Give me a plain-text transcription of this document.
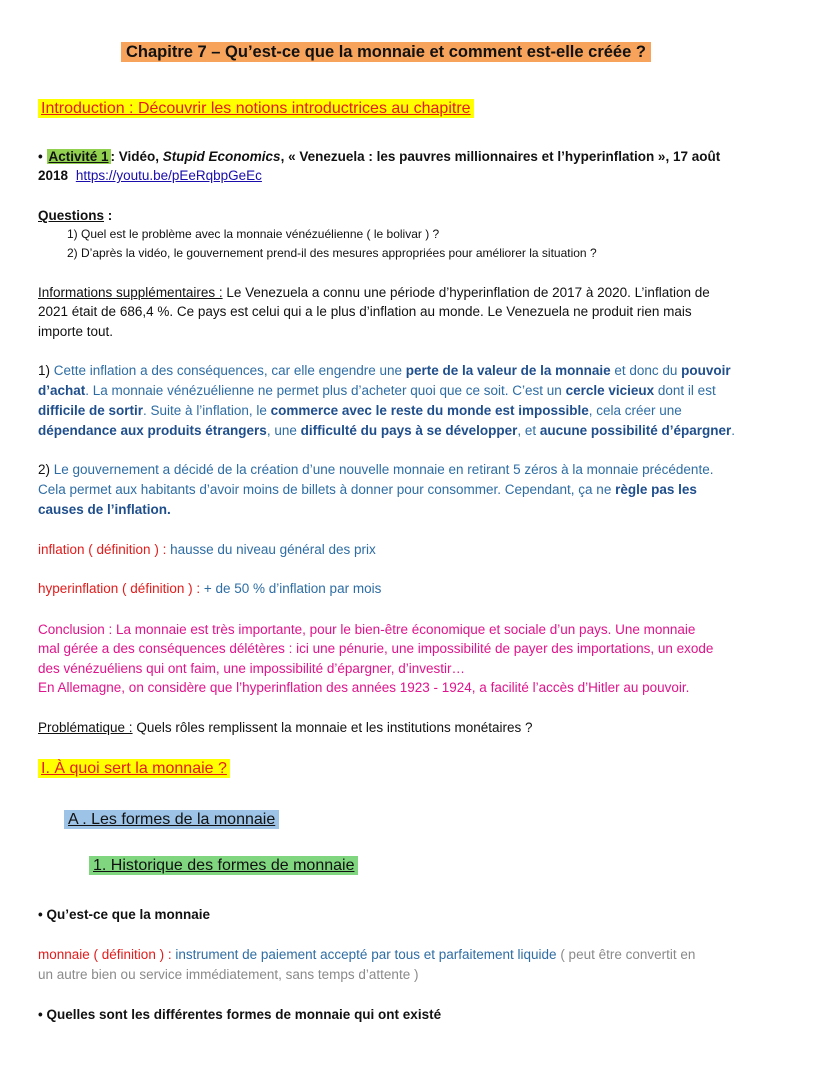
Chapitre 7 – Qu’est-ce que la monnaie et comment est-elle créée ?
Introduction : Découvrir les notions introductrices au chapitre
• Activité 1 : Vidéo, Stupid Economics, « Venezuela : les pauvres millionnaires et l’hyperinflation », 17 août
2018 https://youtu.be/pEeRqbpGeEc
Questions :
1) Quel est le problème avec la monnaie vénézuélienne ( le bolivar ) ?
2) D’après la vidéo, le gouvernement prend-il des mesures appropriées pour améliorer la situation ?
Informations supplémentaires : Le Venezuela a connu une période d’hyperinflation de 2017 à 2020. L’inflation de
2021 était de 686,4 %. Ce pays est celui qui a le plus d’inflation au monde. Le Venezuela ne produit rien mais
importe tout.
1) Cette inflation a des conséquences, car elle engendre une perte de la valeur de la monnaie et donc du pouvoir
d’achat. La monnaie vénézuélienne ne permet plus d’acheter quoi que ce soit. C’est un cercle vicieux dont il est
difficile de sortir. Suite à l’inflation, le commerce avec le reste du monde est impossible, cela créer une
dépendance aux produits étrangers, une difficulté du pays à se développer, et aucune possibilité d’épargner.
2) Le gouvernement a décidé de la création d’une nouvelle monnaie en retirant 5 zéros à la monnaie précédente.
Cela permet aux habitants d’avoir moins de billets à donner pour consommer. Cependant, ça ne règle pas les
causes de l’inflation.
inflation ( définition ) : hausse du niveau général des prix
hyperinflation ( définition ) : + de 50 % d’inflation par mois
Conclusion : La monnaie est très importante, pour le bien-être économique et sociale d’un pays. Une monnaie
mal gérée a des conséquences délétères : ici une pénurie, une impossibilité de payer des importations, un exode
des vénézuéliens qui ont faim, une impossibilité d’épargner, d’investir…
En Allemagne, on considère que l’hyperinflation des années 1923 - 1924, a facilité l’accès d’Hitler au pouvoir.
Problématique : Quels rôles remplissent la monnaie et les institutions monétaires ?
I. À quoi sert la monnaie ?
A . Les formes de la monnaie
1. Historique des formes de monnaie
• Qu’est-ce que la monnaie
monnaie ( définition ) : instrument de paiement accepté par tous et parfaitement liquide ( peut être convertit en
un autre bien ou service immédiatement, sans temps d’attente )
• Quelles sont les différentes formes de monnaie qui ont existé
